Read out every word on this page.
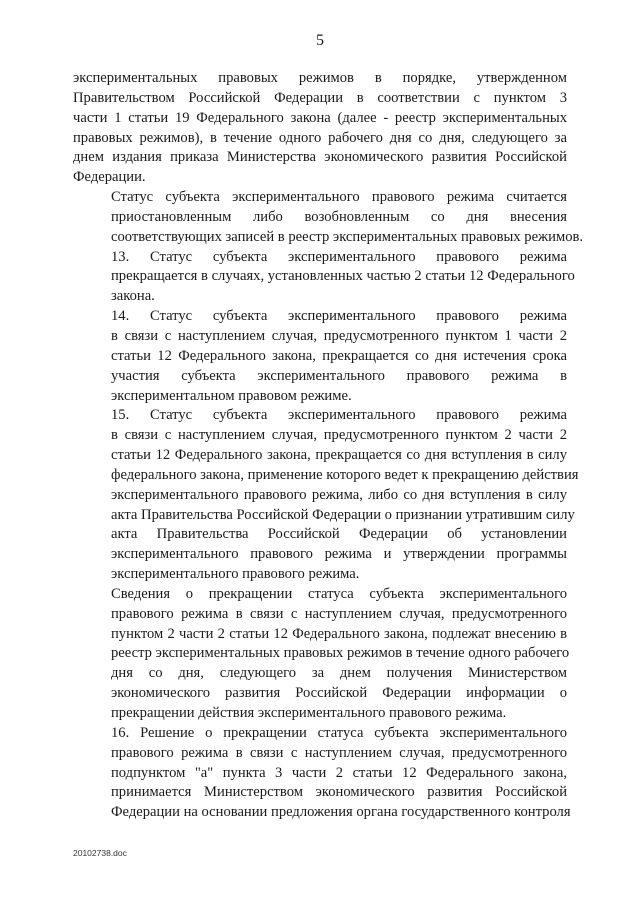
5

экспериментальных правовых режимов в порядке, утвержденном
Правительством Российской Федерации в соответствии с пунктом 3
части 1 статьи 19 Федерального закона (далее - реестр экспериментальных
правовых режимов), в течение одного рабочего дня со дня, следующего за
днем издания приказа Министерства экономического развития Российской
Федерации.

Статус субъекта экспериментального правового режима считается
приостановленным либо возобновленным со дня внесения
соответствующих записей в реестр экспериментальных правовых режимов.

13. Статус субъекта экспериментального правового режима
прекращается в случаях, установленных частью 2 статьи 12 Федерального
закона.

14. Статус субъекта экспериментального правового режима
в связи с наступлением случая, предусмотренного пунктом 1 части 2
статьи 12 Федерального закона, прекращается со дня истечения срока
участия субъекта экспериментального правового режима в
экспериментальном правовом режиме.

15. Статус субъекта экспериментального правового режима
в связи с наступлением случая, предусмотренного пунктом 2 части 2
статьи 12 Федерального закона, прекращается со дня вступления в силу
федерального закона, применение которого ведет к прекращению действия
экспериментального правового режима, либо со дня вступления в силу
акта Правительства Российской Федерации о признании утратившим силу
акта Правительства Российской Федерации об установлении
экспериментального правового режима и утверждении программы
экспериментального правового режима.

Сведения о прекращении статуса субъекта экспериментального
правового режима в связи с наступлением случая, предусмотренного
пунктом 2 части 2 статьи 12 Федерального закона, подлежат внесению в
реестр экспериментальных правовых режимов в течение одного рабочего
дня со дня, следующего за днем получения Министерством
экономического развития Российской Федерации информации о
прекращении действия экспериментального правового режима.

16. Решение о прекращении статуса субъекта экспериментального
правового режима в связи с наступлением случая, предусмотренного
подпунктом "а" пункта 3 части 2 статьи 12 Федерального закона,
принимается Министерством экономического развития Российской
Федерации на основании предложения органа государственного контроля

20102738.doc
